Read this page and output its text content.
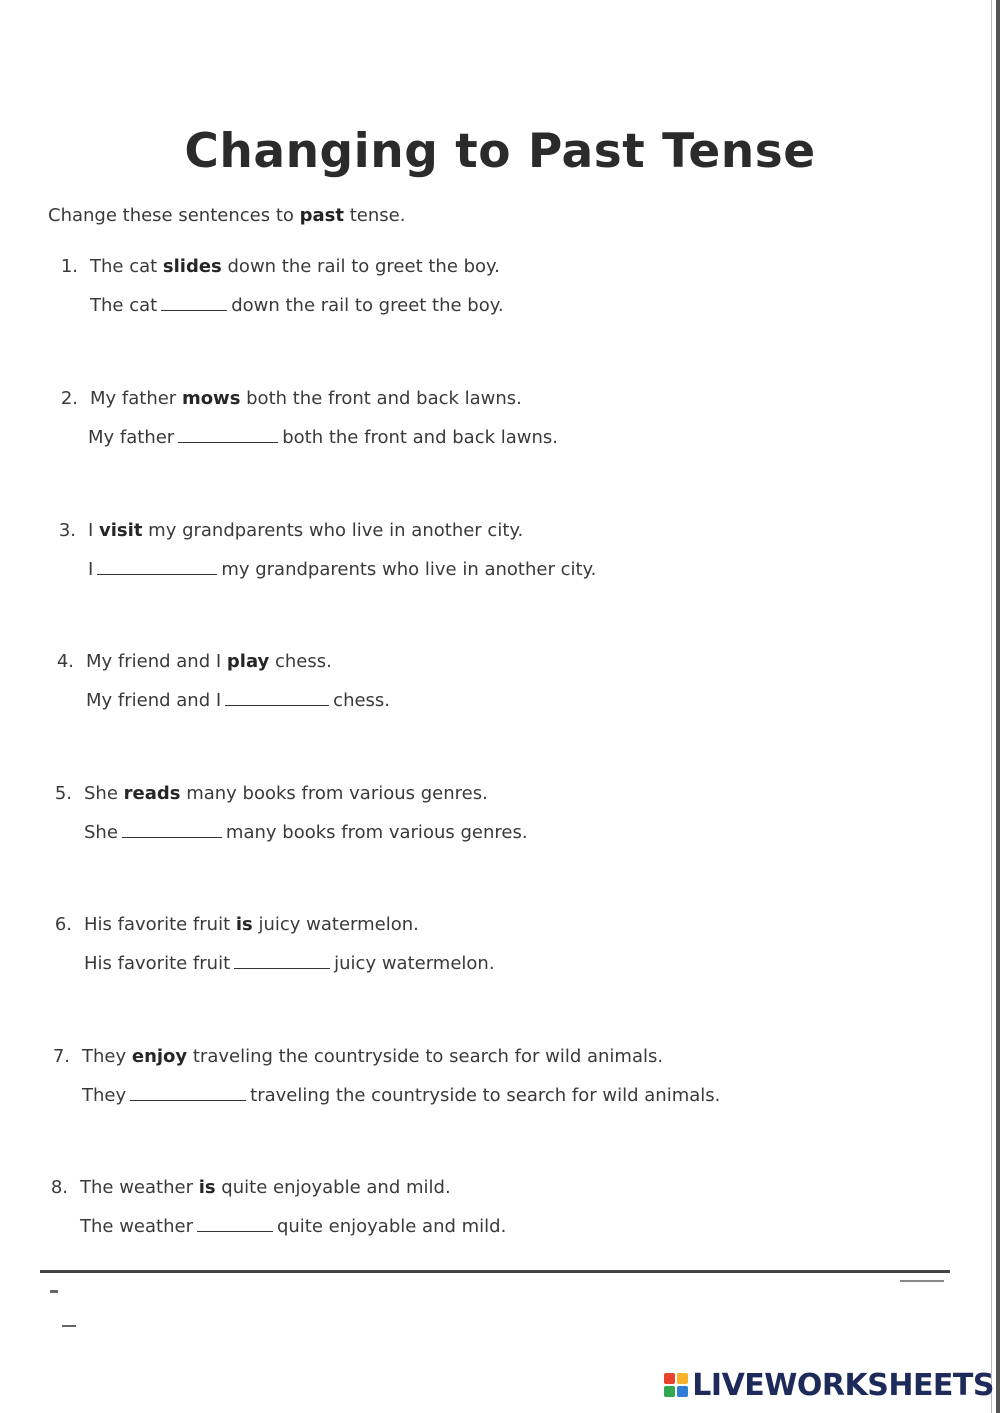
Changing to Past Tense
Change these sentences to past tense.
1. The cat slides down the rail to greet the boy.
The cat	down the rail to greet the boy.
2. My father mows both the front and back lawns.
My father	both the front and back lawns.
3. I visit my grandparents who live in another city.
I	my grandparents who live in another city.
4. My friend and I play chess.
My friend and I	chess.
5. She reads many books from various genres.
She	many books from various genres.
6. His favorite fruit is juicy watermelon.
His favorite fruit	juicy watermelon.
7. They enjoy traveling the countryside to search for wild animals.
They	traveling the countryside to search for wild animals.
8. The weather is quite enjoyable and mild.
The weather	quite enjoyable and mild.
LIVEWORKSHEETS
